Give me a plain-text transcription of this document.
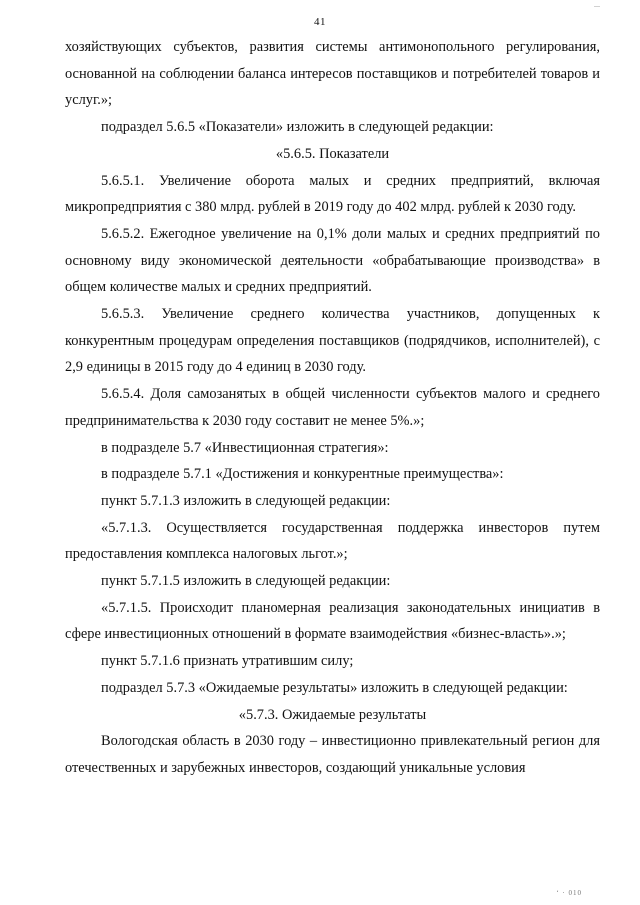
...
41

хозяйствующих субъектов, развития системы антимонопольного регулирования, основанной на соблюдении баланса интересов поставщиков и потребителей товаров и услуг.»;

подраздел 5.6.5 «Показатели» изложить в следующей редакции:

«5.6.5. Показатели

5.6.5.1. Увеличение оборота малых и средних предприятий, включая микропредприятия с 380 млрд. рублей в 2019 году до 402 млрд. рублей к 2030 году.

5.6.5.2. Ежегодное увеличение на 0,1% доли малых и средних предприятий по основному виду экономической деятельности «обрабатывающие производства» в общем количестве малых и средних предприятий.

5.6.5.3. Увеличение среднего количества участников, допущенных к конкурентным процедурам определения поставщиков (подрядчиков, исполнителей), с 2,9 единицы в 2015 году до 4 единиц в 2030 году.

5.6.5.4. Доля самозанятых в общей численности субъектов малого и среднего предпринимательства к 2030 году составит не менее 5%.»;

в подразделе 5.7 «Инвестиционная стратегия»:

в подразделе 5.7.1 «Достижения и конкурентные преимущества»:

пункт 5.7.1.3 изложить в следующей редакции:

«5.7.1.3. Осуществляется государственная поддержка инвесторов путем предоставления комплекса налоговых льгот.»;

пункт 5.7.1.5 изложить в следующей редакции:

«5.7.1.5. Происходит планомерная реализация законодательных инициатив в сфере инвестиционных отношений в формате взаимодействия «бизнес-власть».»;

пункт 5.7.1.6 признать утратившим силу;

подраздел 5.7.3 «Ожидаемые результаты» изложить в следующей редакции:

«5.7.3. Ожидаемые результаты

Вологодская область в 2030 году – инвестиционно привлекательный регион для отечественных и зарубежных инвесторов, создающий уникальные условия

‘ · 010
